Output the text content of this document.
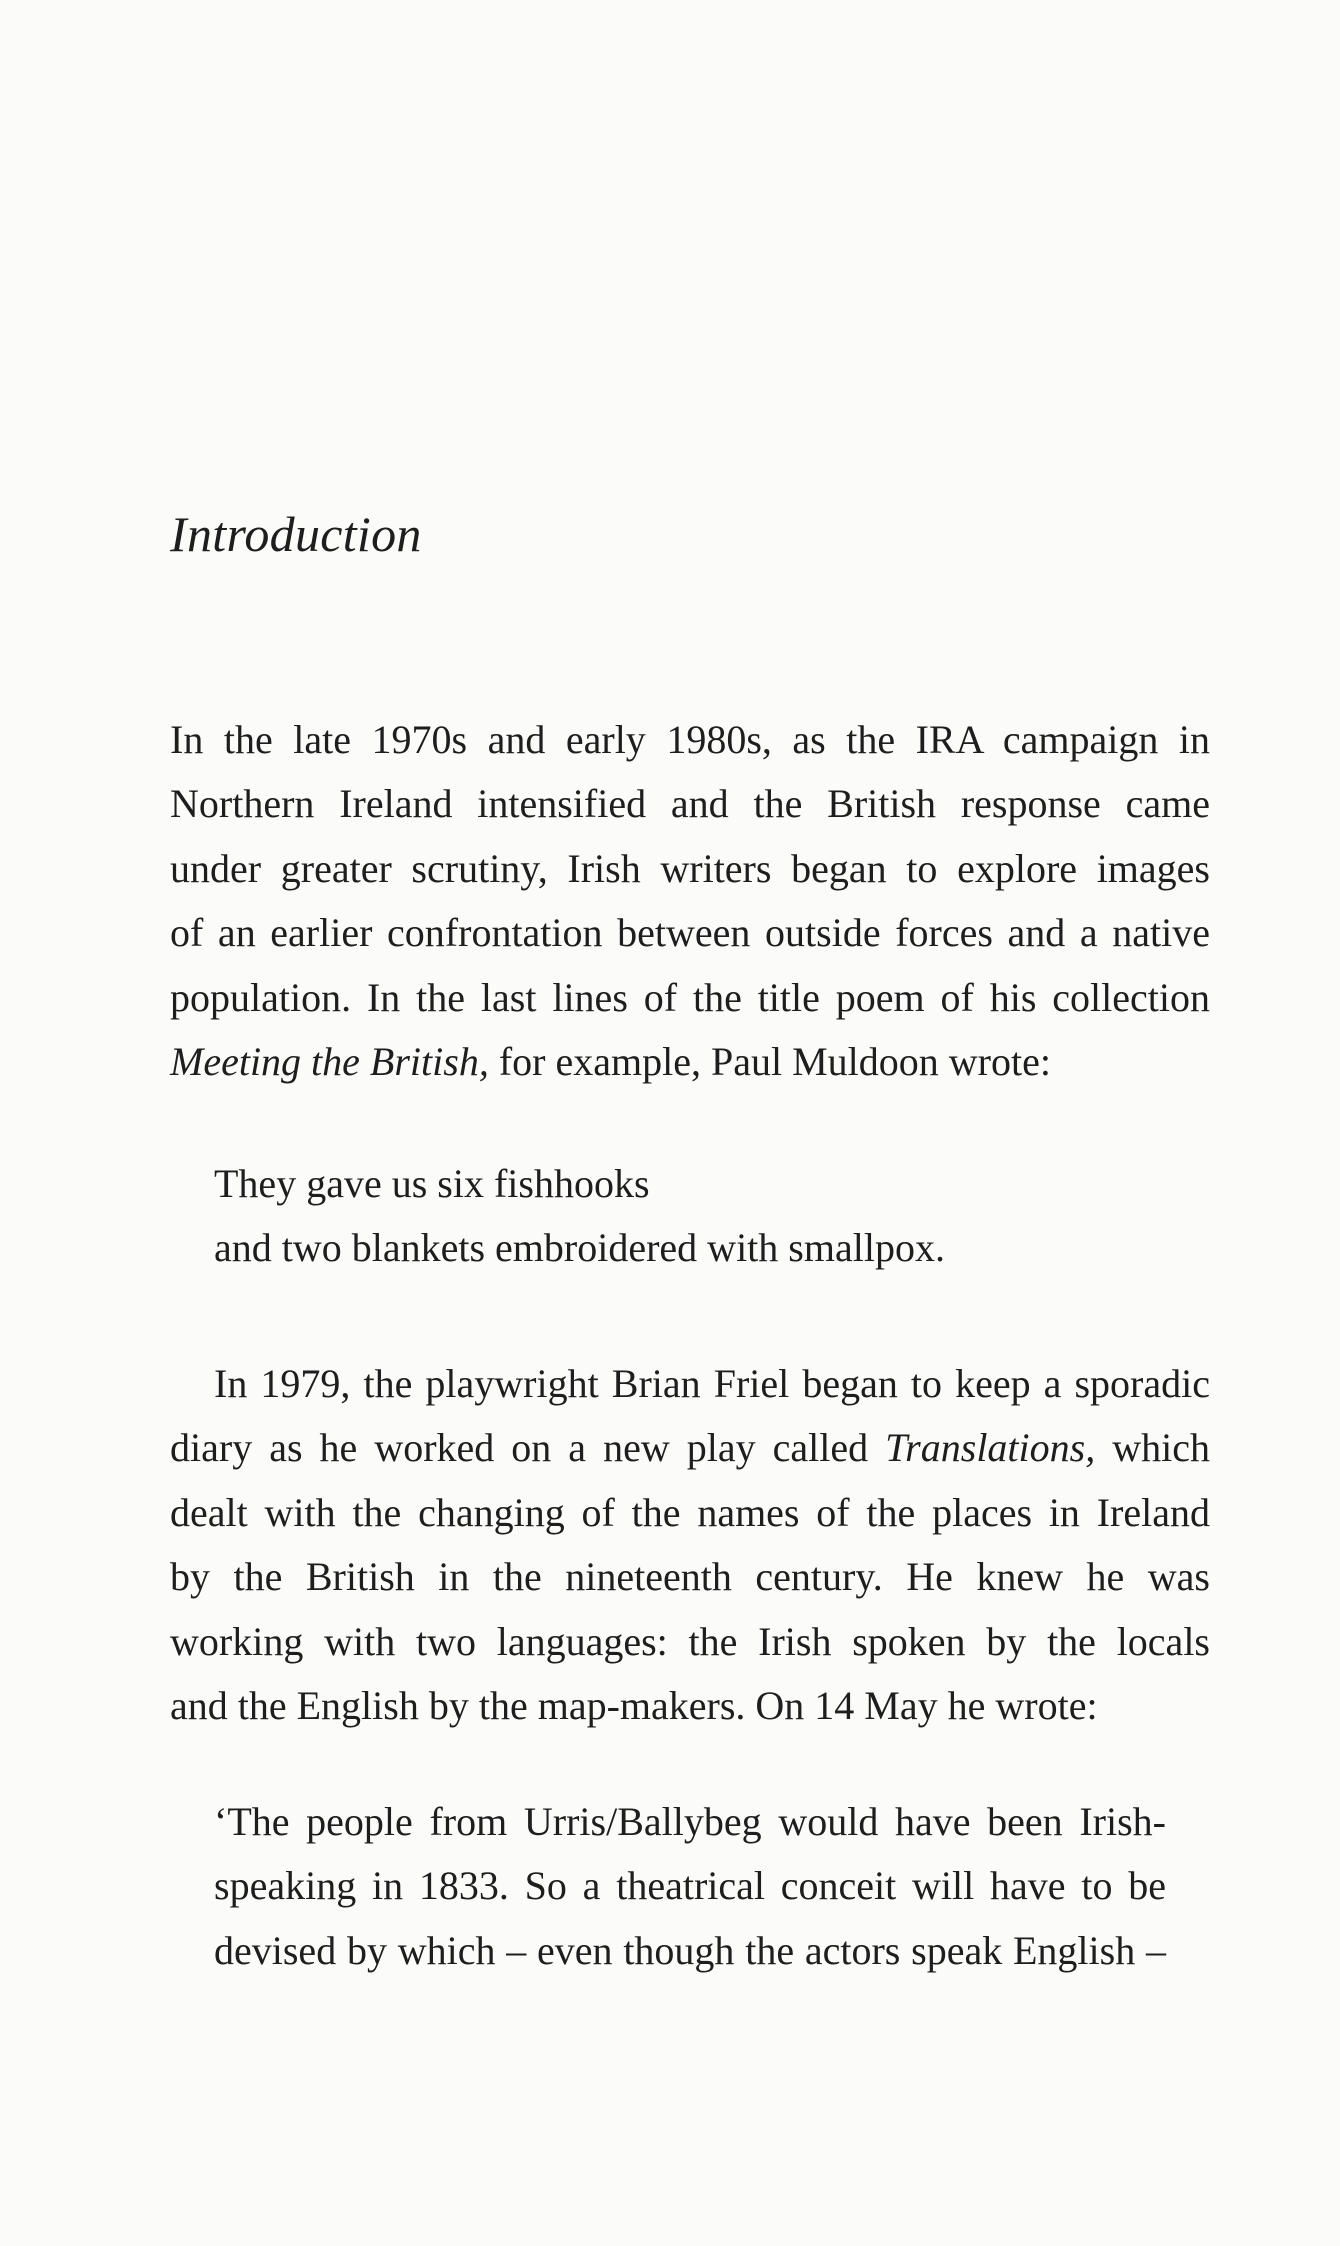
Introduction
In the late 1970s and early 1980s, as the IRA campaign in
Northern Ireland intensified and the British response came
under greater scrutiny, Irish writers began to explore images
of an earlier confrontation between outside forces and a native
population. In the last lines of the title poem of his collection
Meeting the British, for example, Paul Muldoon wrote:
They gave us six fishhooks
and two blankets embroidered with smallpox.
In 1979, the playwright Brian Friel began to keep a sporadic
diary as he worked on a new play called Translations, which
dealt with the changing of the names of the places in Ireland
by the British in the nineteenth century. He knew he was
working with two languages: the Irish spoken by the locals
and the English by the map-makers. On 14 May he wrote:
‘The people from Urris/Ballybeg would have been Irish-
speaking in 1833. So a theatrical conceit will have to be
devised by which – even though the actors speak English –
